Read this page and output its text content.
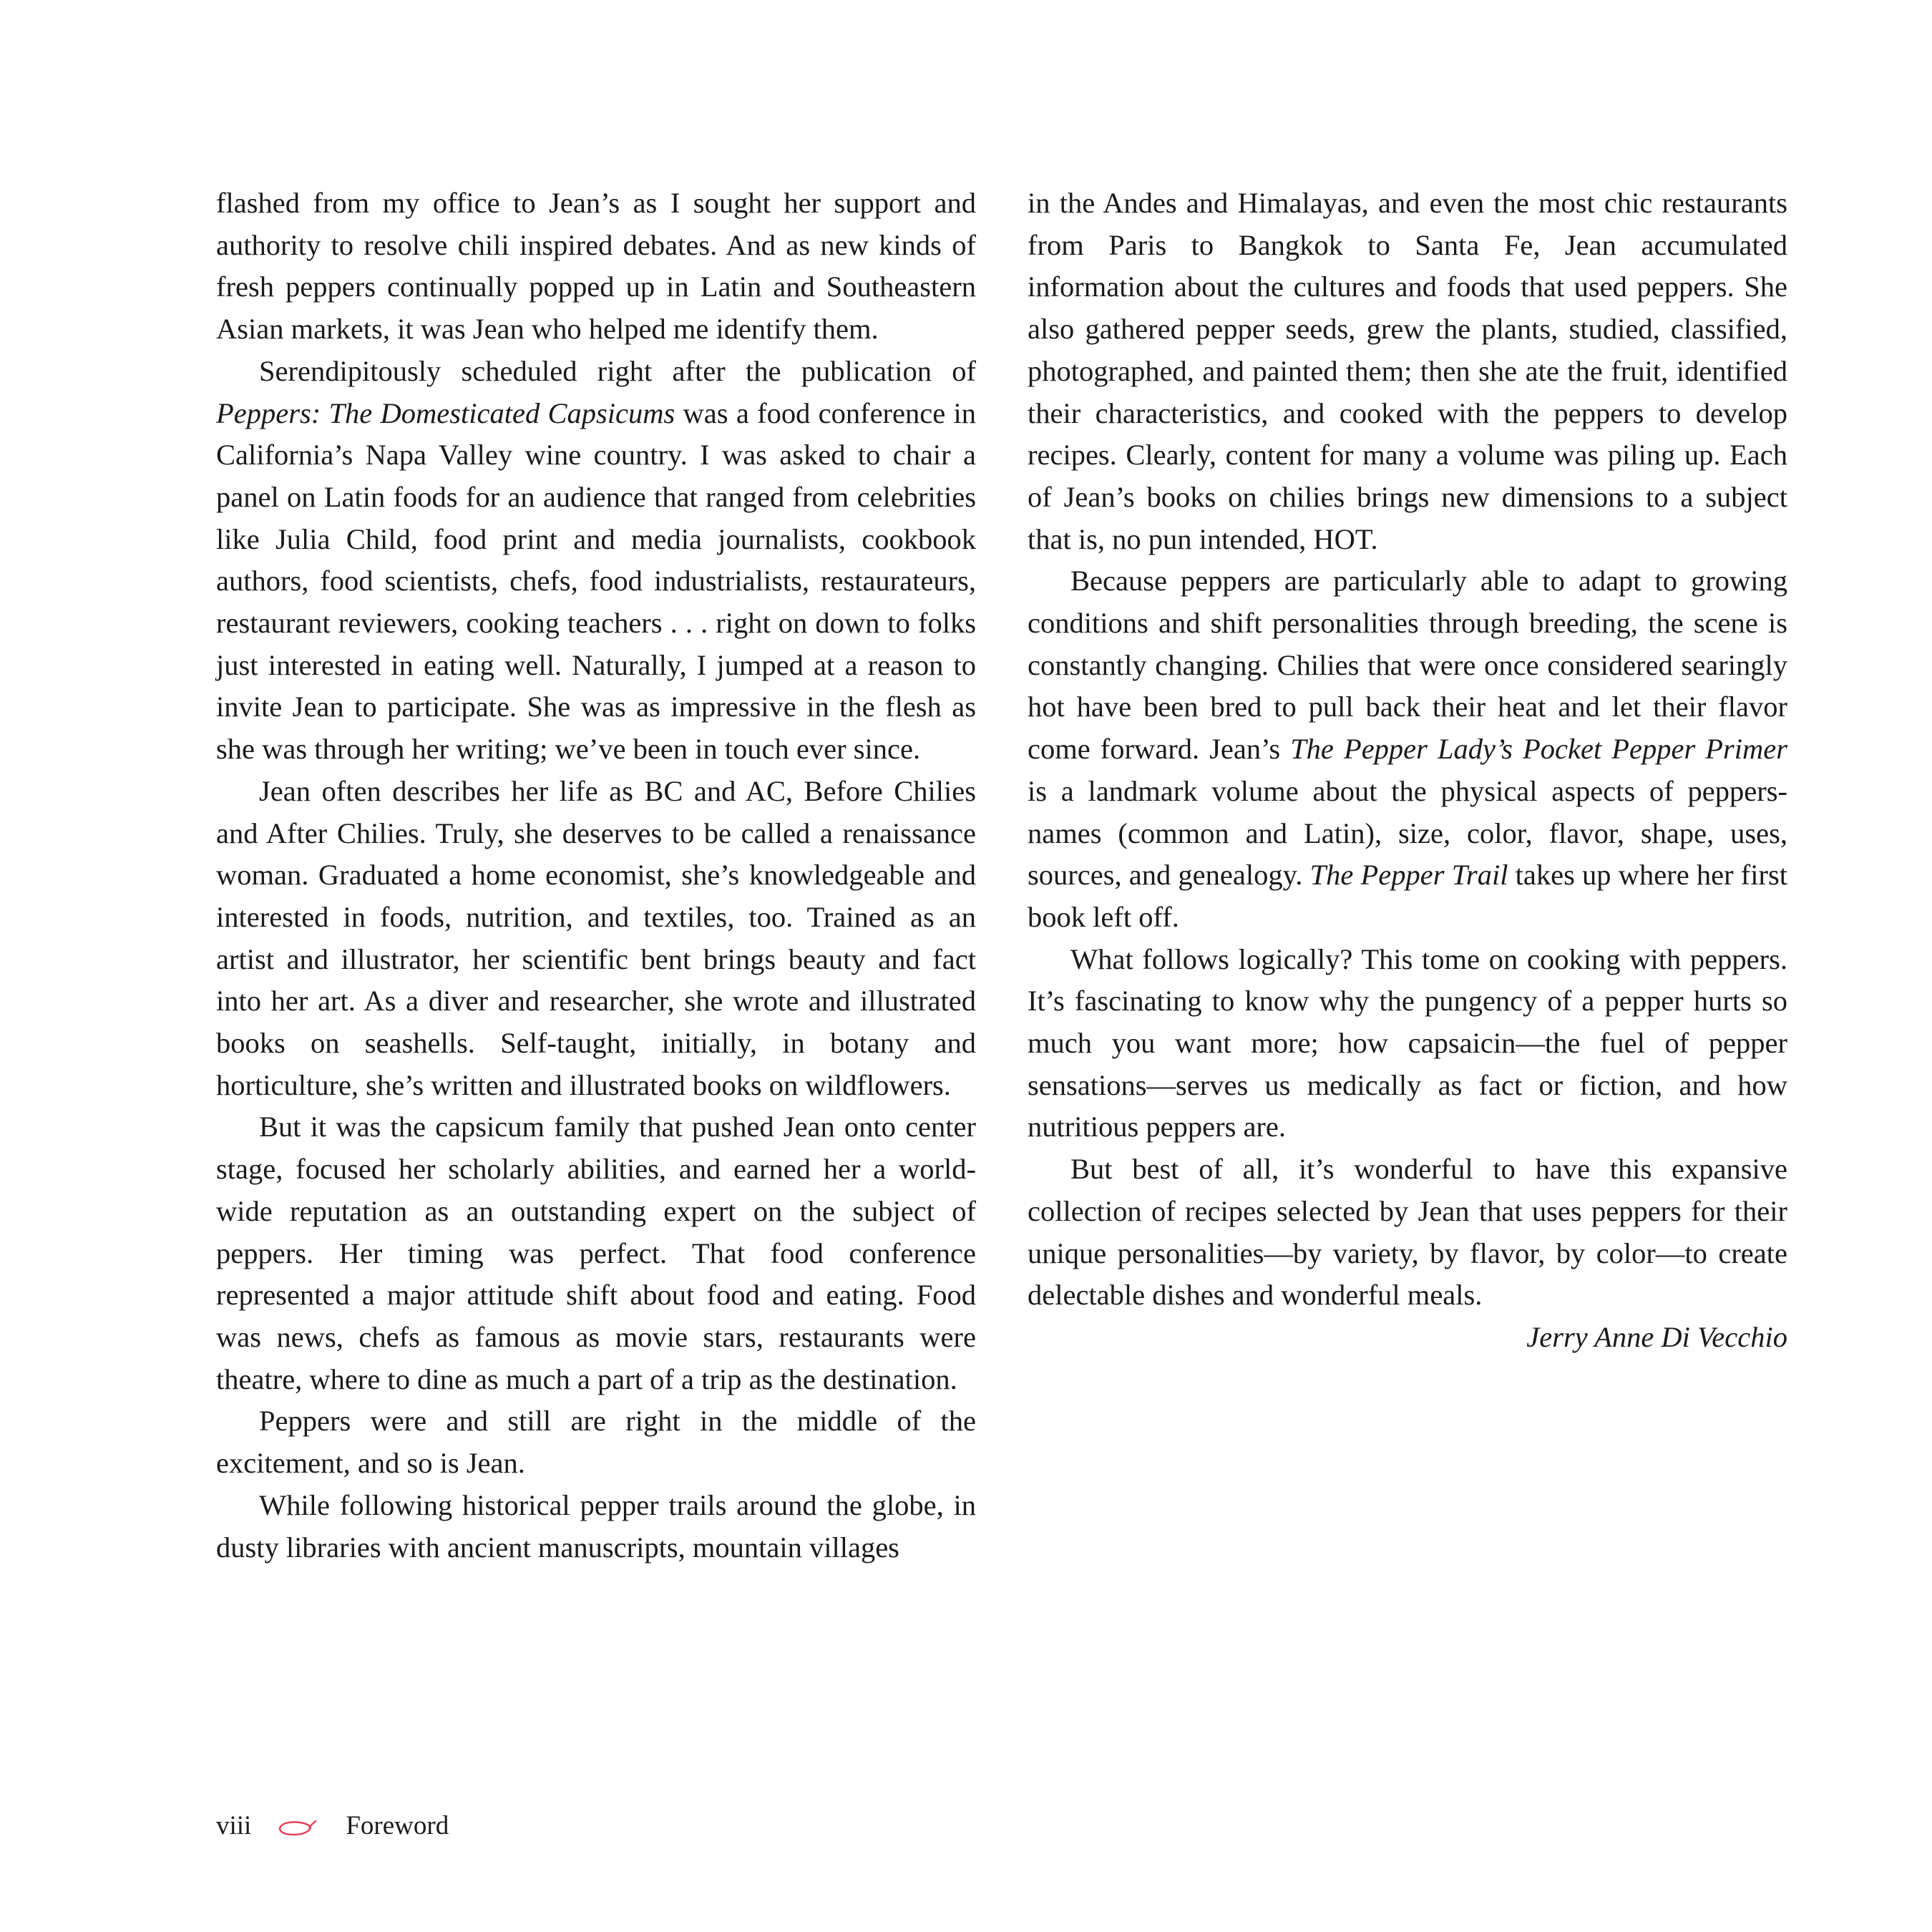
flashed from my office to Jean’s as I sought her support and authority to resolve chili inspired debates. And as new kinds of fresh peppers continually popped up in Latin and Southeastern Asian markets, it was Jean who helped me identify them.

Serendipitously scheduled right after the publication of Peppers: The Domesticated Capsicums was a food conference in California’s Napa Valley wine country. I was asked to chair a panel on Latin foods for an audience that ranged from celebrities like Julia Child, food print and media journalists, cookbook authors, food scientists, chefs, food industrialists, restaurateurs, restaurant reviewers, cooking teachers . . . right on down to folks just interested in eating well. Naturally, I jumped at a reason to invite Jean to participate. She was as impressive in the flesh as she was through her writing; we’ve been in touch ever since.

Jean often describes her life as BC and AC, Before Chilies and After Chilies. Truly, she deserves to be called a renaissance woman. Graduated a home economist, she’s knowledgeable and interested in foods, nutrition, and textiles, too. Trained as an artist and illustrator, her scientific bent brings beauty and fact into her art. As a diver and researcher, she wrote and illustrated books on seashells. Self-taught, initially, in botany and horticulture, she’s written and illustrated books on wildflowers.

But it was the capsicum family that pushed Jean onto center stage, focused her scholarly abilities, and earned her a world-wide reputation as an outstanding expert on the subject of peppers. Her timing was perfect. That food conference represented a major attitude shift about food and eating. Food was news, chefs as famous as movie stars, restaurants were theatre, where to dine as much a part of a trip as the destination.

Peppers were and still are right in the middle of the excitement, and so is Jean.

While following historical pepper trails around the globe, in dusty libraries with ancient manuscripts, mountain villages

in the Andes and Himalayas, and even the most chic restaurants from Paris to Bangkok to Santa Fe, Jean accumulated information about the cultures and foods that used peppers. She also gathered pepper seeds, grew the plants, studied, classified, photographed, and painted them; then she ate the fruit, identified their characteristics, and cooked with the peppers to develop recipes. Clearly, content for many a volume was piling up. Each of Jean’s books on chilies brings new dimensions to a subject that is, no pun intended, HOT.

Because peppers are particularly able to adapt to growing conditions and shift personalities through breeding, the scene is constantly changing. Chilies that were once considered searingly hot have been bred to pull back their heat and let their flavor come forward. Jean’s The Pepper Lady’s Pocket Pepper Primer is a landmark volume about the physical aspects of peppers-names (common and Latin), size, color, flavor, shape, uses, sources, and genealogy. The Pepper Trail takes up where her first book left off.

What follows logically? This tome on cooking with peppers. It’s fascinating to know why the pungency of a pepper hurts so much you want more; how capsaicin—the fuel of pepper sensations—serves us medically as fact or fiction, and how nutritious peppers are.

But best of all, it’s wonderful to have this expansive collection of recipes selected by Jean that uses peppers for their unique personalities—by variety, by flavor, by color—to create delectable dishes and wonderful meals.

Jerry Anne Di Vecchio

viii	Foreword
